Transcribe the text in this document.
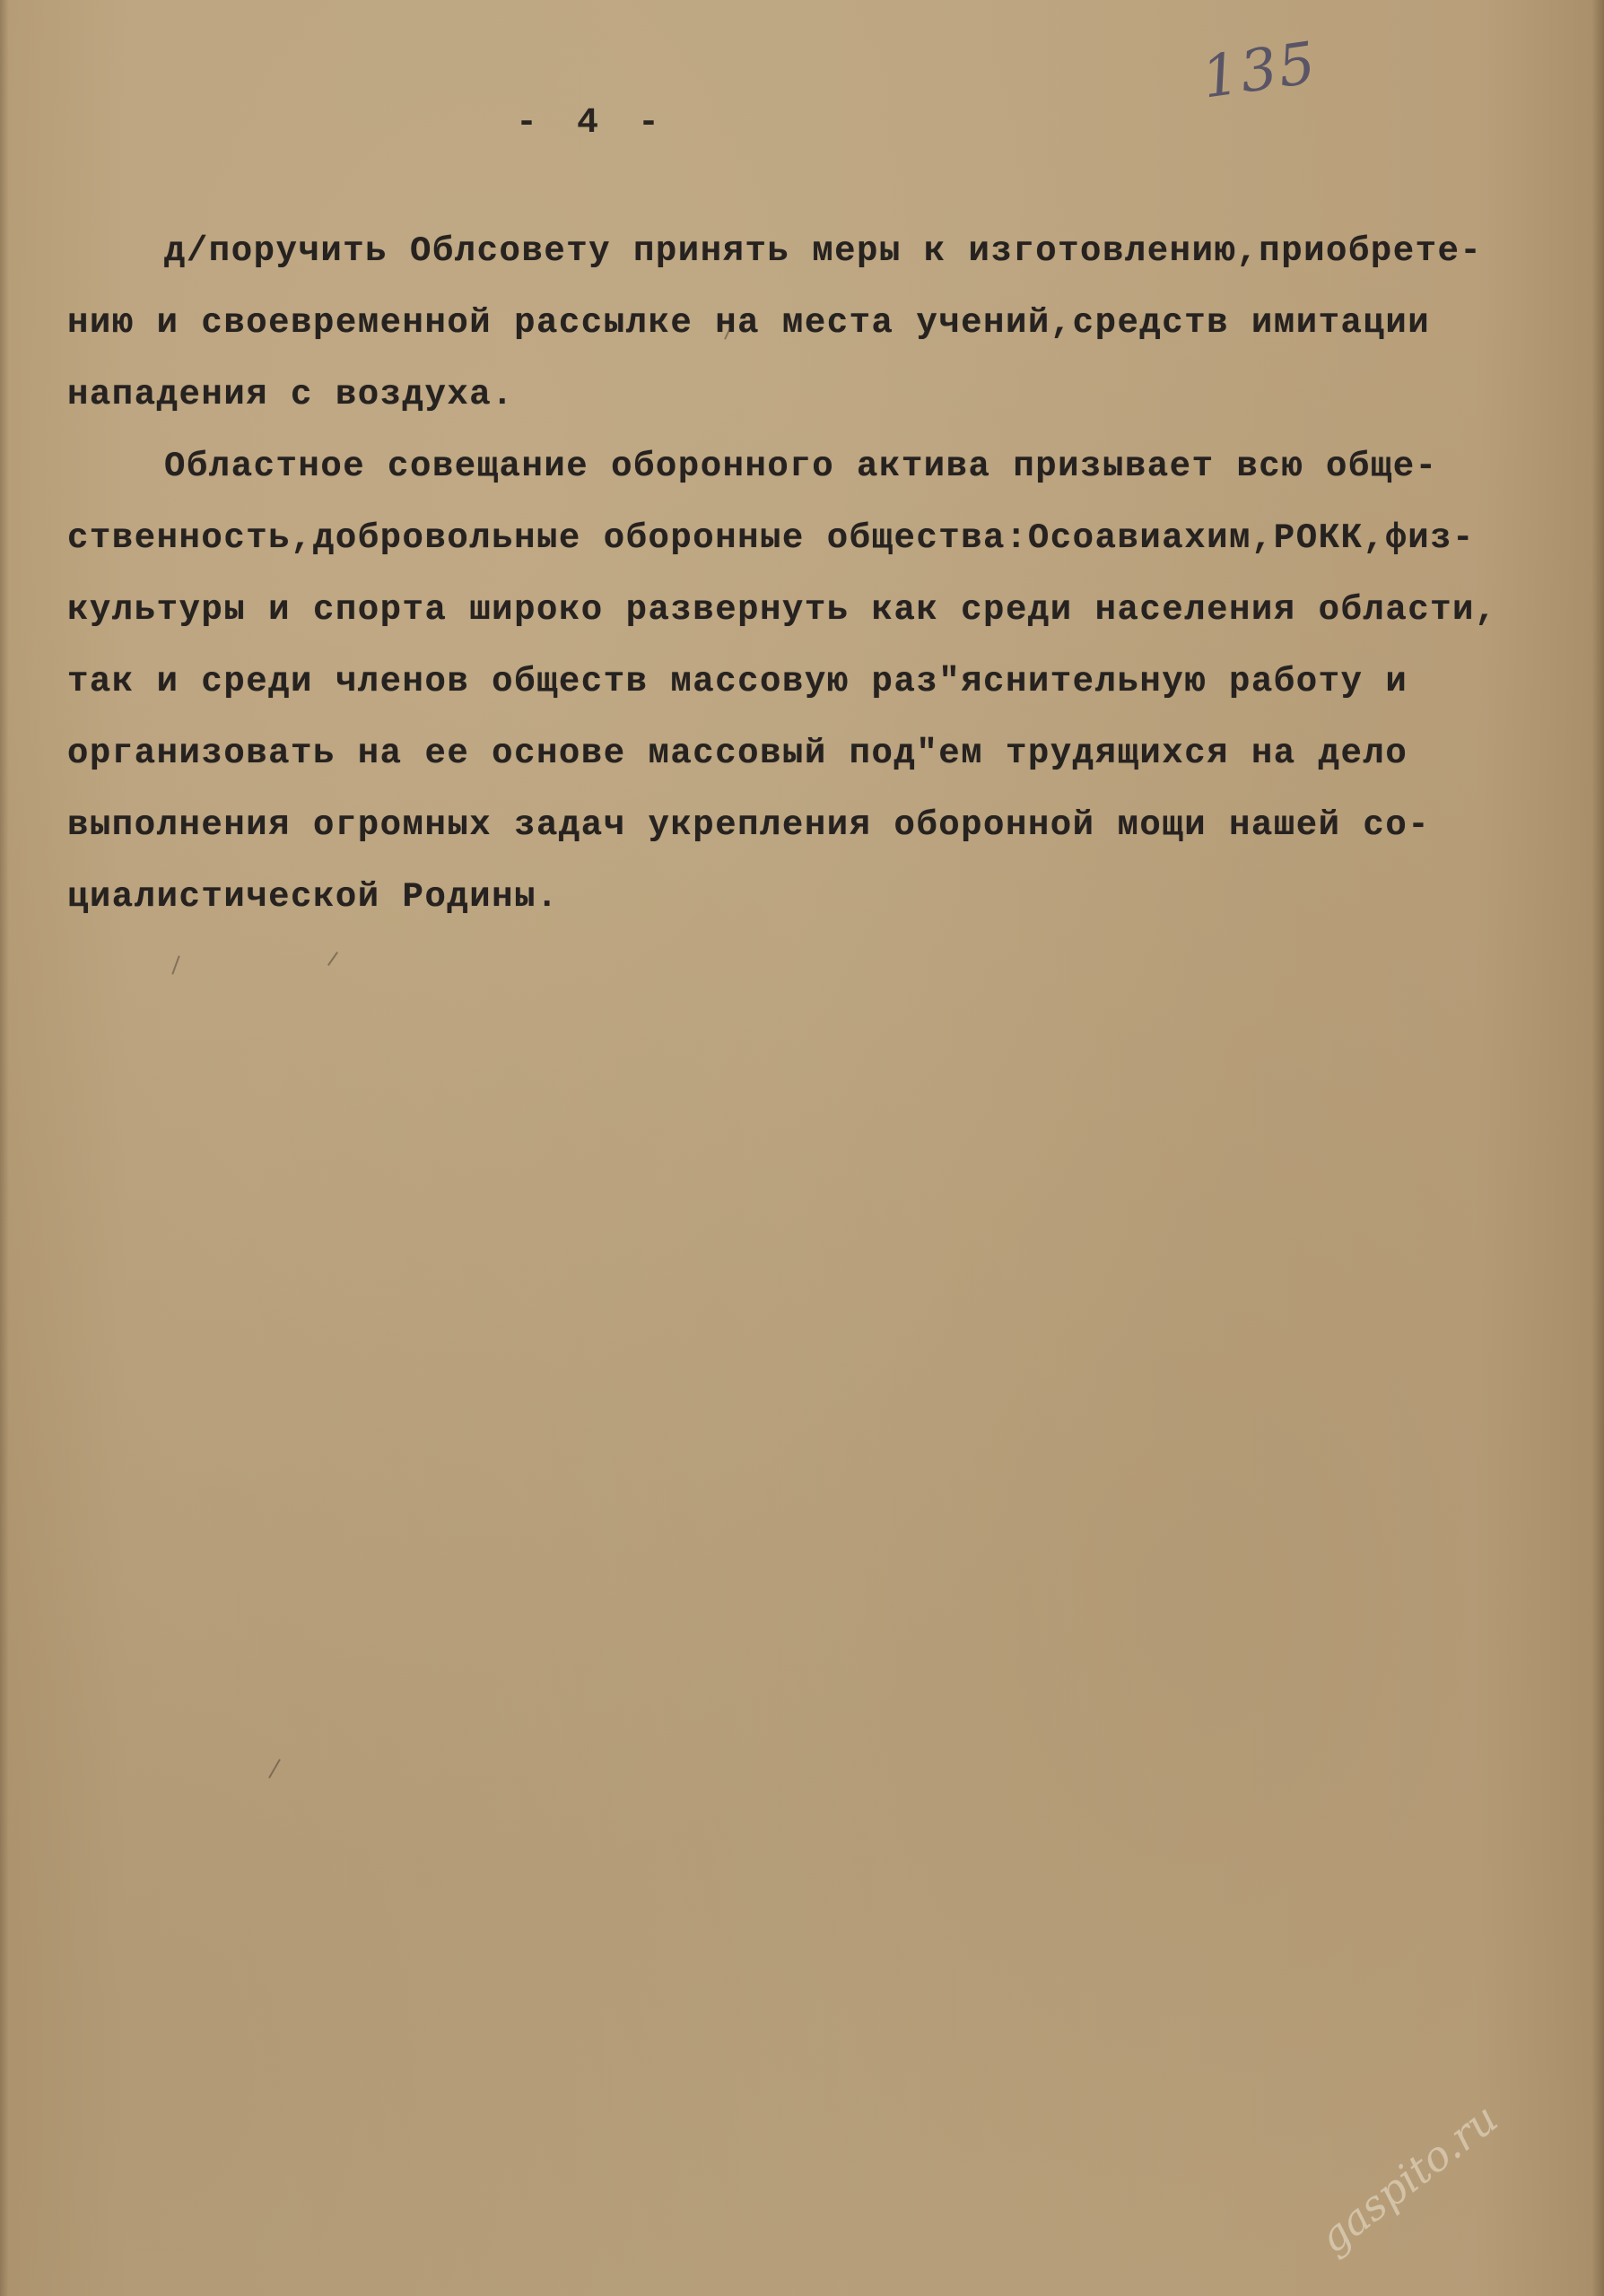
135
- 4 -
д/поручить Облсовету принять меры к изготовлению,приобрете-
нию и своевременной рассылке на места учений,средств имитации
нападения с воздуха.
Областное совещание оборонного актива призывает всю обще-
ственность,добровольные оборонные общества:Осоавиахим,РОКК,физ-
культуры и спорта широко развернуть как среди населения области,
так и среди членов обществ массовую раз"яснительную работу и
организовать на ее основе массовый под"ем трудящихся на дело
выполнения огромных задач укрепления оборонной мощи нашей со-
циалистической Родины.
gaspito.ru
